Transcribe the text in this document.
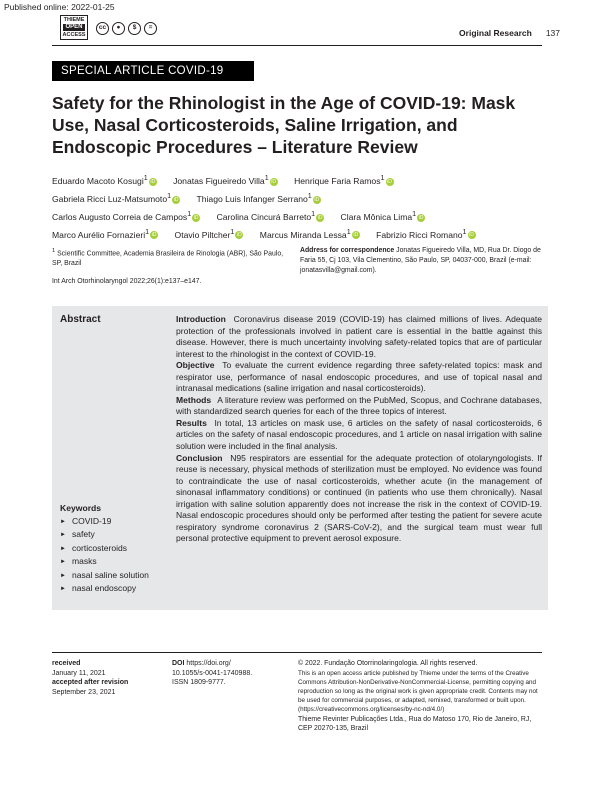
Published online: 2022-01-25
THIEME
OPEN
ACCESS
cc	●	$	=
Original Research 137
SPECIAL ARTICLE COVID-19
Safety for the Rhinologist in the Age of COVID-19: Mask Use, Nasal Corticosteroids, Saline Irrigation, and Endoscopic Procedures – Literature Review
Eduardo Macoto Kosugi$^1$ iD Jonatas Figueiredo Villa$^1$ iD Henrique Faria Ramos$^1$ iD
Gabriela Ricci Luz-Matsumoto$^1$ iD Thiago Luis Infanger Serrano$^1$ iD
Carlos Augusto Correia de Campos$^1$ iD Carolina Cincurá Barreto$^1$ iD Clara Mônica Lima$^1$ iD
Marco Aurélio Fornazieri$^1$ iD Otavio Piltcher$^1$ iD Marcus Miranda Lessa$^1$ iD Fabrizio Ricci Romano$^1$ iD
$^1$ Scientific Committee, Academia Brasileira de Rinologia (ABR), São Paulo, SP, Brazil
Address for correspondence Jonatas Figueiredo Villa, MD, Rua Dr. Diogo de Faria 55, Cj 103, Vila Clementino, São Paulo, SP, 04037-000, Brazil (e-mail: jonatasvilla@gmail.com).
Int Arch Otorhinolaryngol 2022;26(1):e137–e147.
Abstract	Introduction Coronavirus disease 2019 (COVID-19) has claimed millions of lives. Adequate protection of the professionals involved in patient care is essential in the battle against this disease. However, there is much uncertainty involving safety-related topics that are of particular interest to the rhinologist in the context of COVID-19.

Objective To evaluate the current evidence regarding three safety-related topics: mask and respirator use, performance of nasal endoscopic procedures, and use of topical nasal and intranasal medications (saline irrigation and nasal corticosteroids).

Methods A literature review was performed on the PubMed, Scopus, and Cochrane databases, with standardized search queries for each of the three topics of interest.

Results In total, 13 articles on mask use, 6 articles on the safety of nasal corticosteroids, 6 articles on the safety of nasal endoscopic procedures, and 1 article on nasal irrigation with saline solution were included in the final analysis.

Conclusion N95 respirators are essential for the adequate protection of otolaryngologists. If reuse is necessary, physical methods of sterilization must be employed. No evidence was found to contraindicate the use of nasal corticosteroids, whether acute (in the management of sinonasal inflammatory conditions) or continued (in patients who use them chronically). Nasal irrigation with saline solution apparently does not increase the risk in the context of COVID-19. Nasal endoscopic procedures should only be performed after testing the patient for severe acute respiratory syndrome coronavirus 2 (SARS-CoV-2), and the surgical team must wear full personal protective equipment to prevent aerosol exposure.

Keywords
► COVID-19
► safety
► corticosteroids
► masks
► nasal saline solution
► nasal endoscopy
received
January 11, 2021
accepted after revision
September 23, 2021
DOI https://doi.org/
10.1055/s-0041-1740988.
ISSN 1809-9777.
© 2022. Fundação Otorrinolaringologia. All rights reserved.
This is an open access article published by Thieme under the terms of the Creative Commons Attribution-NonDerivative-NonCommercial-License, permitting copying and reproduction so long as the original work is given appropriate credit. Contents may not be used for commercial purposes, or adapted, remixed, transformed or built upon. (https://creativecommons.org/licenses/by-nc-nd/4.0/)
Thieme Revinter Publicações Ltda., Rua do Matoso 170, Rio de Janeiro, RJ, CEP 20270-135, Brazil
